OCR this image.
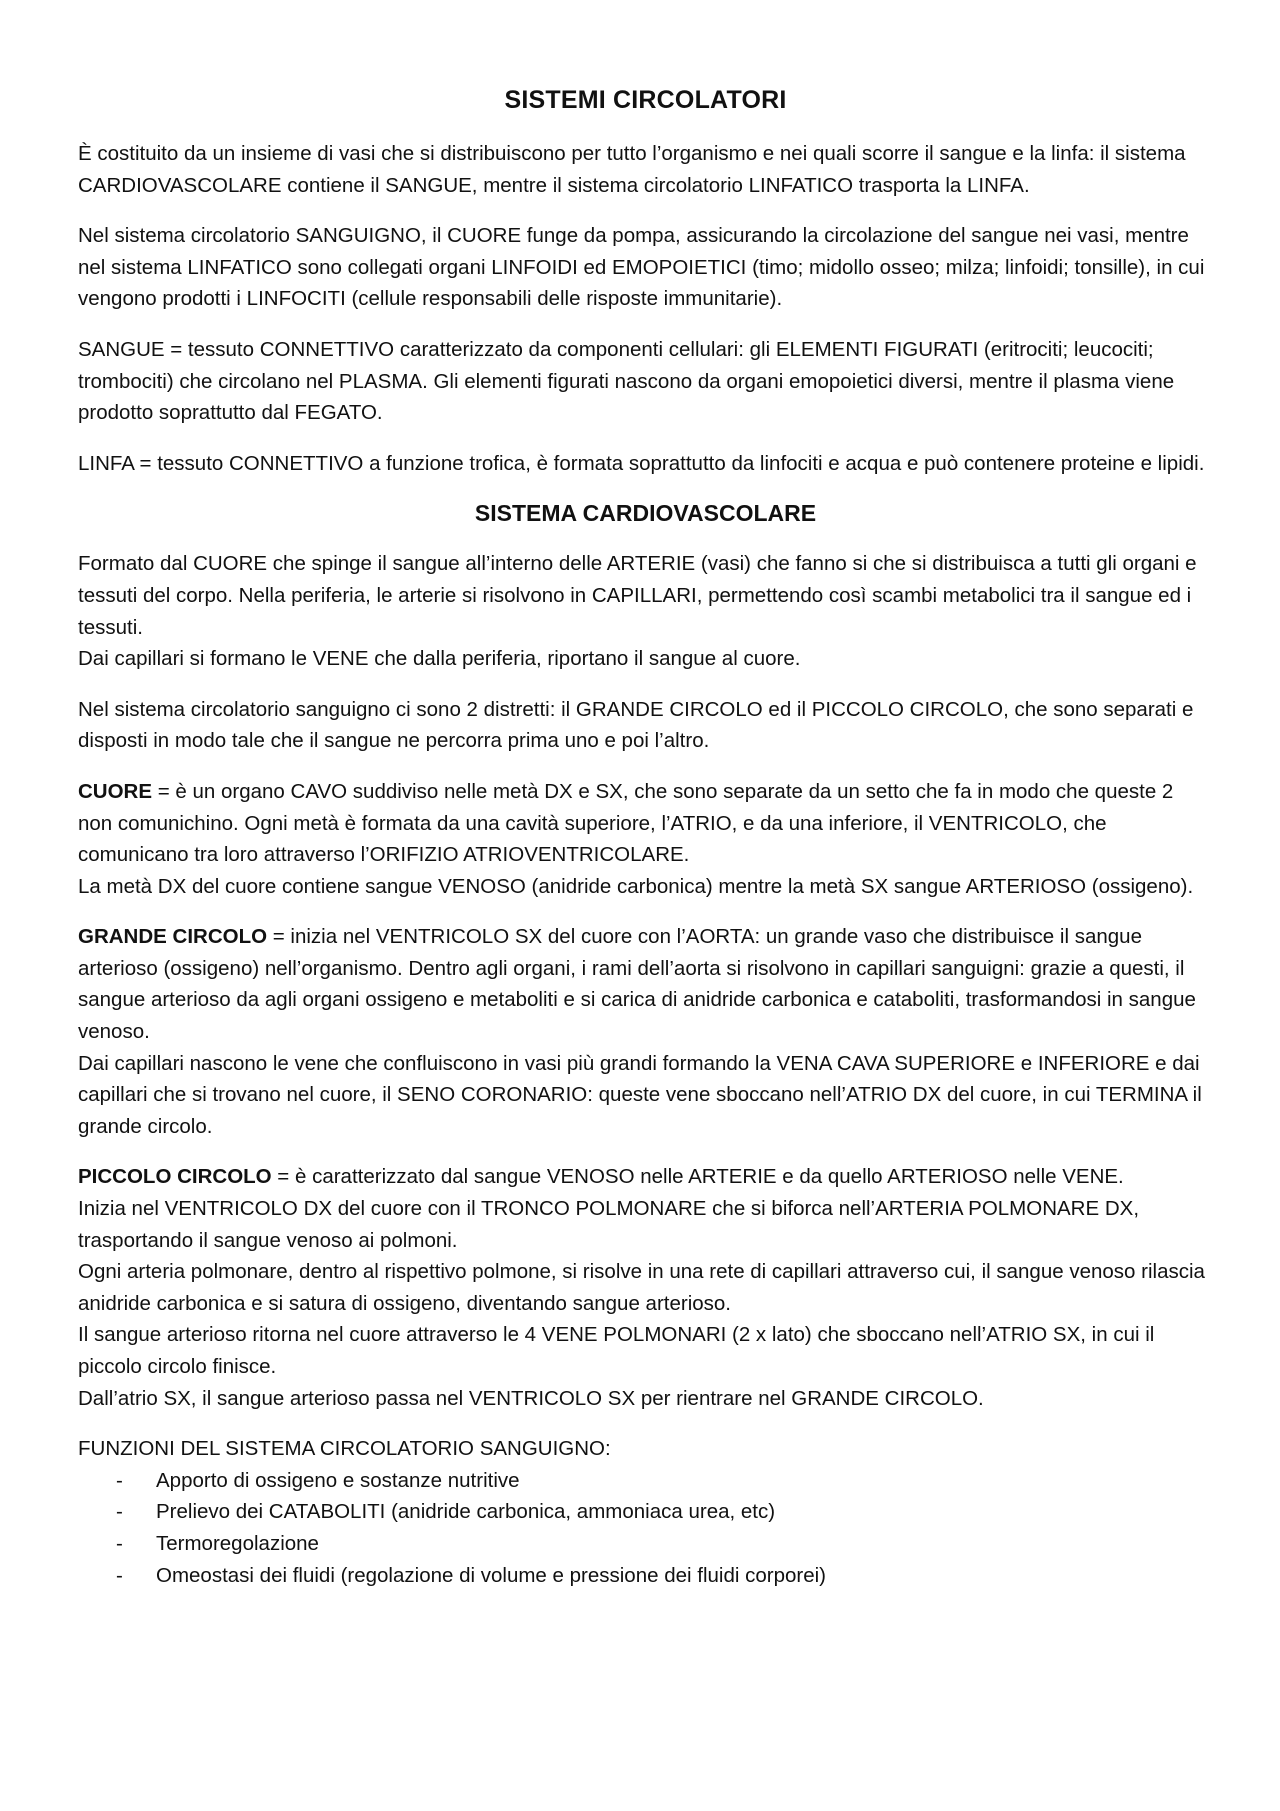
SISTEMI CIRCOLATORI

È costituito da un insieme di vasi che si distribuiscono per tutto l’organismo e nei quali scorre il sangue e la linfa: il sistema CARDIOVASCOLARE contiene il SANGUE, mentre il sistema circolatorio LINFATICO trasporta la LINFA.

Nel sistema circolatorio SANGUIGNO, il CUORE funge da pompa, assicurando la circolazione del sangue nei vasi, mentre nel sistema LINFATICO sono collegati organi LINFOIDI ed EMOPOIETICI (timo; midollo osseo; milza; linfoidi; tonsille), in cui vengono prodotti i LINFOCITI (cellule responsabili delle risposte immunitarie).

SANGUE = tessuto CONNETTIVO caratterizzato da componenti cellulari: gli ELEMENTI FIGURATI (eritrociti; leucociti; trombociti) che circolano nel PLASMA. Gli elementi figurati nascono da organi emopoietici diversi, mentre il plasma viene prodotto soprattutto dal FEGATO.

LINFA = tessuto CONNETTIVO a funzione trofica, è formata soprattutto da linfociti e acqua e può contenere proteine e lipidi.

SISTEMA CARDIOVASCOLARE

Formato dal CUORE che spinge il sangue all’interno delle ARTERIE (vasi) che fanno si che si distribuisca a tutti gli organi e tessuti del corpo. Nella periferia, le arterie si risolvono in CAPILLARI, permettendo così scambi metabolici tra il sangue ed i tessuti.
Dai capillari si formano le VENE che dalla periferia, riportano il sangue al cuore.

Nel sistema circolatorio sanguigno ci sono 2 distretti: il GRANDE CIRCOLO ed il PICCOLO CIRCOLO, che sono separati e disposti in modo tale che il sangue ne percorra prima uno e poi l’altro.

CUORE = è un organo CAVO suddiviso nelle metà DX e SX, che sono separate da un setto che fa in modo che queste 2 non comunichino. Ogni metà è formata da una cavità superiore, l’ATRIO, e da una inferiore, il VENTRICOLO, che comunicano tra loro attraverso l’ORIFIZIO ATRIOVENTRICOLARE.
La metà DX del cuore contiene sangue VENOSO (anidride carbonica) mentre la metà SX sangue ARTERIOSO (ossigeno).

GRANDE CIRCOLO = inizia nel VENTRICOLO SX del cuore con l’AORTA: un grande vaso che distribuisce il sangue arterioso (ossigeno) nell’organismo. Dentro agli organi, i rami dell’aorta si risolvono in capillari sanguigni: grazie a questi, il sangue arterioso da agli organi ossigeno e metaboliti e si carica di anidride carbonica e cataboliti, trasformandosi in sangue venoso.
Dai capillari nascono le vene che confluiscono in vasi più grandi formando la VENA CAVA SUPERIORE e INFERIORE e dai capillari che si trovano nel cuore, il SENO CORONARIO: queste vene sboccano nell’ATRIO DX del cuore, in cui TERMINA il grande circolo.

PICCOLO CIRCOLO = è caratterizzato dal sangue VENOSO nelle ARTERIE e da quello ARTERIOSO nelle VENE.
Inizia nel VENTRICOLO DX del cuore con il TRONCO POLMONARE che si biforca nell’ARTERIA POLMONARE DX, trasportando il sangue venoso ai polmoni.
Ogni arteria polmonare, dentro al rispettivo polmone, si risolve in una rete di capillari attraverso cui, il sangue venoso rilascia anidride carbonica e si satura di ossigeno, diventando sangue arterioso.
Il sangue arterioso ritorna nel cuore attraverso le 4 VENE POLMONARI (2 x lato) che sboccano nell’ATRIO SX, in cui il piccolo circolo finisce.
Dall’atrio SX, il sangue arterioso passa nel VENTRICOLO SX per rientrare nel GRANDE CIRCOLO.

FUNZIONI DEL SISTEMA CIRCOLATORIO SANGUIGNO:

- Apporto di ossigeno e sostanze nutritive
- Prelievo dei CATABOLITI (anidride carbonica, ammoniaca urea, etc)
- Termoregolazione
- Omeostasi dei fluidi (regolazione di volume e pressione dei fluidi corporei)
